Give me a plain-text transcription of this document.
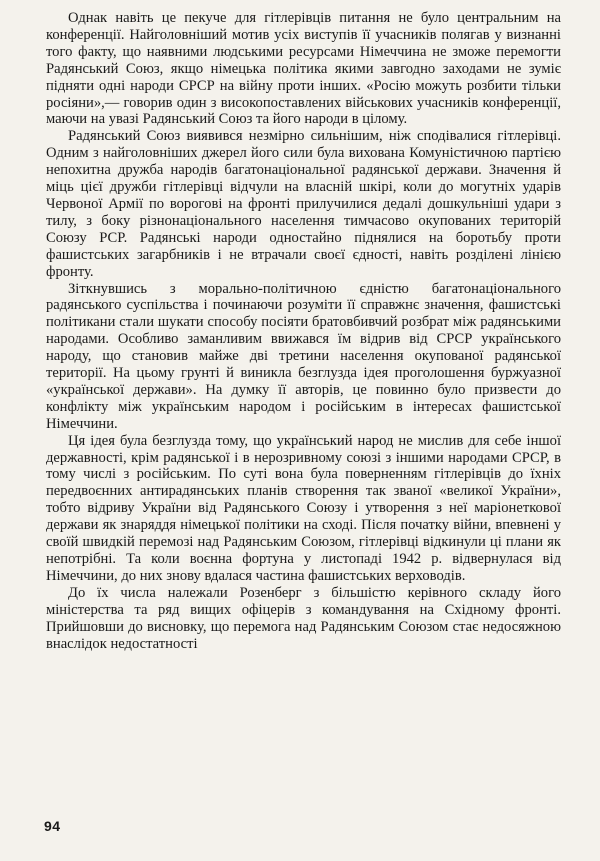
Однак навіть це пекуче для гітлерівців питання не було центральним на конференції. Найголовніший мотив усіх виступів її учасників полягав у визнанні того факту, що наявними людськими ресурсами Німеччина не зможе перемогти Радянський Союз, якщо німецька політика якими завгодно заходами не зуміє підняти одні народи СРСР на війну проти інших. «Росію можуть розбити тільки росіяни»,— говорив один з високопоставлених військових учасників конференції, маючи на увазі Радянський Союз та його народи в цілому.

Радянський Союз виявився незмірно сильнішим, ніж сподівалися гітлерівці. Одним з найголовніших джерел його сили була вихована Комуністичною партією непохитна дружба народів багатонаціональної радянської держави. Значення й міць цієї дружби гітлерівці відчули на власній шкірі, коли до могутніх ударів Червоної Армії по ворогові на фронті прилучилися дедалі дошкульніші удари з тилу, з боку різнонаціонального населення тимчасово окупованих територій Союзу РСР. Радянські народи одностайно піднялися на боротьбу проти фашистських загарбників і не втрачали своєї єдності, навіть розділені лінією фронту.

Зіткнувшись з морально-політичною єдністю багатонаціонального радянського суспільства і починаючи розуміти її справжнє значення, фашистські політикани стали шукати способу посіяти братовбивчий розбрат між радянськими народами. Особливо заманливим ввижався їм відрив від СРСР українського народу, що становив майже дві третини населення окупованої радянської території. На цьому грунті й виникла безглузда ідея проголошення буржуазної «української держави». На думку її авторів, це повинно було призвести до конфлікту між українським народом і російським в інтересах фашистської Німеччини.

Ця ідея була безглузда тому, що український народ не мислив для себе іншої державності, крім радянської і в нерозривному союзі з іншими народами СРСР, в тому числі з російським. По суті вона була поверненням гітлерівців до їхніх передвоєнних антирадянських планів створення так званої «великої України», тобто відриву України від Радянського Союзу і утворення з неї маріонеткової держави як знаряддя німецької політики на сході. Після початку війни, впевнені у своїй швидкій перемозі над Радянським Союзом, гітлерівці відкинули ці плани як непотрібні. Та коли воєнна фортуна у листопаді 1942 р. відвернулася від Німеччини, до них знову вдалася частина фашистських верховодів.

До їх числа належали Розенберг з більшістю керівного складу його міністерства та ряд вищих офіцерів з командування на Східному фронті. Прийшовши до висновку, що перемога над Радянським Союзом стає недосяжною внаслідок недостатності

94
